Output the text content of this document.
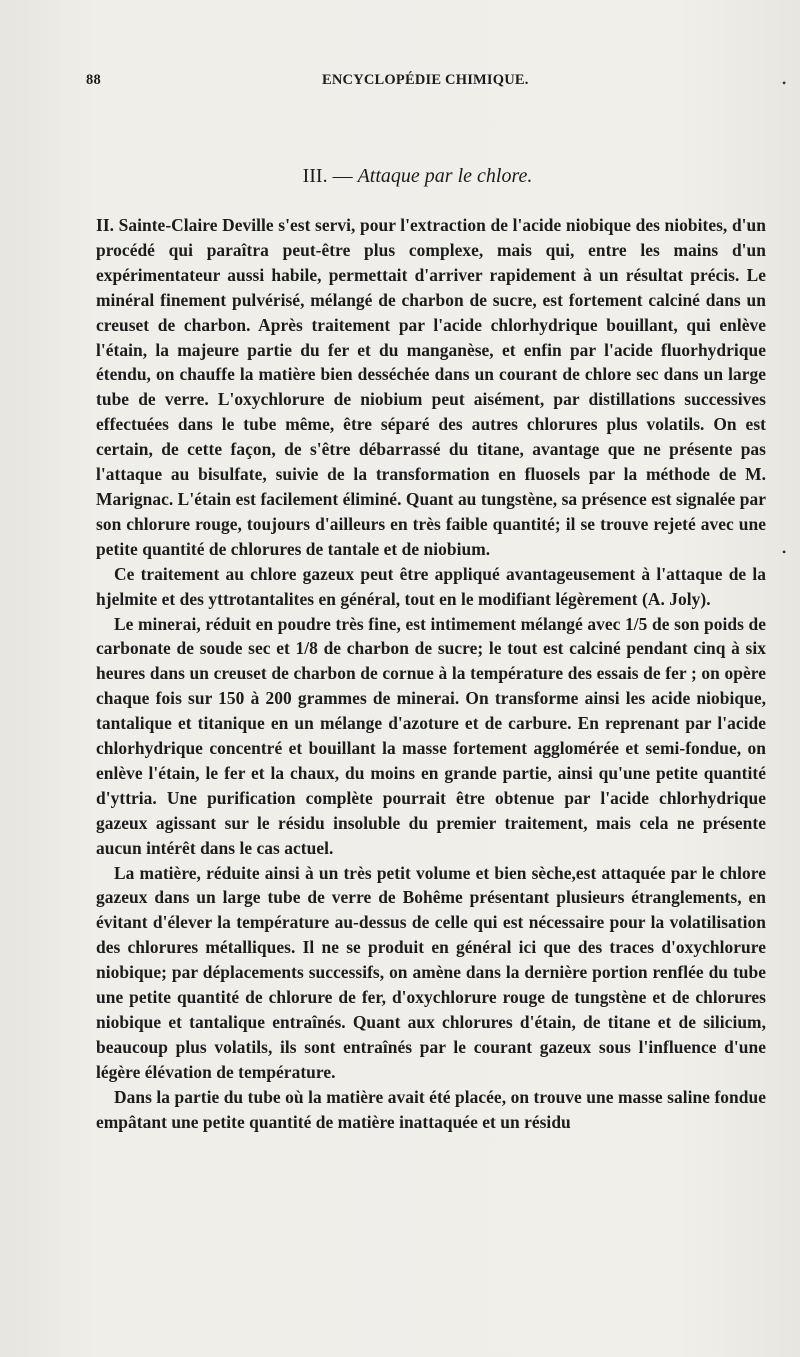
88	ENCYCLOPÉDIE CHIMIQUE.
III. — Attaque par le chlore.

II. Sainte-Claire Deville s'est servi, pour l'extraction de l'acide niobique des niobites, d'un procédé qui paraîtra peut-être plus complexe, mais qui, entre les mains d'un expérimentateur aussi habile, permettait d'arriver rapidement à un résultat précis. Le minéral finement pulvérisé, mélangé de charbon de sucre, est fortement calciné dans un creuset de charbon. Après traitement par l'acide chlorhydrique bouillant, qui enlève l'étain, la majeure partie du fer et du manganèse, et enfin par l'acide fluorhydrique étendu, on chauffe la matière bien desséchée dans un courant de chlore sec dans un large tube de verre. L'oxychlorure de niobium peut aisément, par distillations successives effectuées dans le tube même, être séparé des autres chlorures plus volatils. On est certain, de cette façon, de s'être débarrassé du titane, avantage que ne présente pas l'attaque au bisulfate, suivie de la transformation en fluosels par la méthode de M. Marignac. L'étain est facilement éliminé. Quant au tungstène, sa présence est signalée par son chlorure rouge, toujours d'ailleurs en très faible quantité; il se trouve rejeté avec une petite quantité de chlorures de tantale et de niobium.

Ce traitement au chlore gazeux peut être appliqué avantageusement à l'attaque de la hjelmite et des yttrotantalites en général, tout en le modifiant légèrement (A. Joly).

Le minerai, réduit en poudre très fine, est intimement mélangé avec 1/5 de son poids de carbonate de soude sec et 1/8 de charbon de sucre; le tout est calciné pendant cinq à six heures dans un creuset de charbon de cornue à la température des essais de fer ; on opère chaque fois sur 150 à 200 grammes de minerai. On transforme ainsi les acide niobique, tantalique et titanique en un mélange d'azoture et de carbure. En reprenant par l'acide chlorhydrique concentré et bouillant la masse fortement agglomérée et semi-fondue, on enlève l'étain, le fer et la chaux, du moins en grande partie, ainsi qu'une petite quantité d'yttria. Une purification complète pourrait être obtenue par l'acide chlorhydrique gazeux agissant sur le résidu insoluble du premier traitement, mais cela ne présente aucun intérêt dans le cas actuel.

La matière, réduite ainsi à un très petit volume et bien sèche,est attaquée par le chlore gazeux dans un large tube de verre de Bohême présentant plusieurs étranglements, en évitant d'élever la température au-dessus de celle qui est nécessaire pour la volatilisation des chlorures métalliques. Il ne se produit en général ici que des traces d'oxychlorure niobique; par déplacements successifs, on amène dans la dernière portion renflée du tube une petite quantité de chlorure de fer, d'oxychlorure rouge de tungstène et de chlorures niobique et tantalique entraînés. Quant aux chlorures d'étain, de titane et de silicium, beaucoup plus volatils, ils sont entraînés par le courant gazeux sous l'influence d'une légère élévation de température.

Dans la partie du tube où la matière avait été placée, on trouve une masse saline fondue empâtant une petite quantité de matière inattaquée et un résidu

•
•
